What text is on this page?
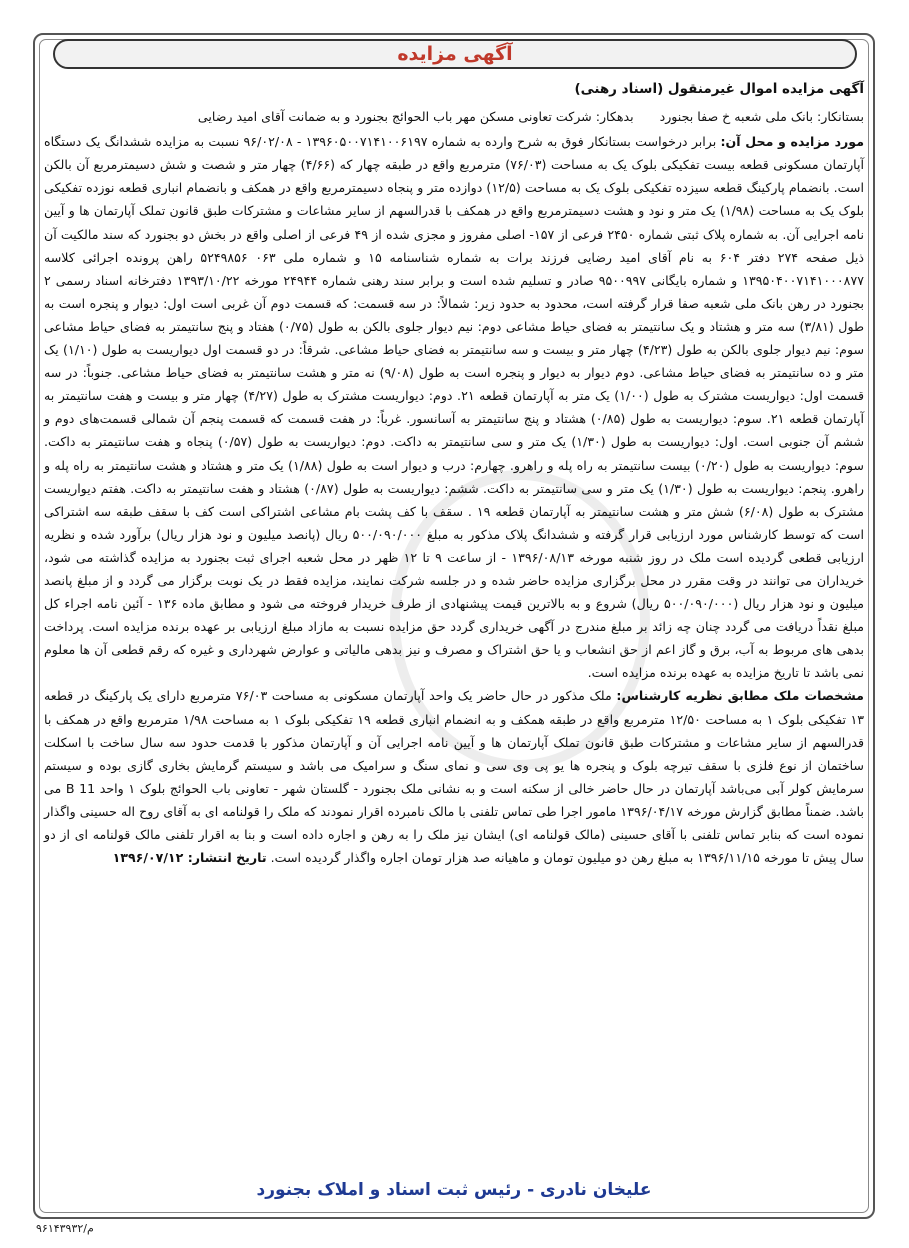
آگهی مزایده
آگهی مزایده اموال غیرمنقول (اسناد رهنی)
بستانکار: بانک ملی شعبه خ صفا بجنورد
بدهکار: شرکت تعاونی مسکن مهر باب الحوائج بجنورد و به ضمانت آقای امید رضایی

مورد مزایده و محل آن: برابر درخواست بستانکار فوق به شرح وارده به شماره ۱۳۹۶۰۵۰۰۷۱۴۱۰۰۶۱۹۷ - ۹۶/۰۲/۰۸ نسبت به مزایده ششدانگ یک دستگاه آپارتمان مسکونی قطعه بیست تفکیکی بلوک یک به مساحت (۷۶/۰۳) مترمربع واقع در طبقه چهار که (۴/۶۶) چهار متر و شصت و شش دسیمترمربع آن بالکن است. بانضمام پارکینگ قطعه سیزده تفکیکی بلوک یک به مساحت (۱۲/۵) دوازده متر و پنجاه دسیمترمربع واقع در همکف و بانضمام انباری قطعه نوزده تفکیکی بلوک یک به مساحت (۱/۹۸) یک متر و نود و هشت دسیمترمربع واقع در همکف با قدرالسهم از سایر مشاعات و مشترکات طبق قانون تملک آپارتمان ها و آیین نامه اجرایی آن. به شماره پلاک ثبتی شماره ۲۴۵۰ فرعی از ۱۵۷- اصلی مفروز و مجزی شده از ۴۹ فرعی از اصلی واقع در بخش دو بجنورد که سند مالکیت آن ذیل صفحه ۲۷۴ دفتر ۶۰۴ به نام آقای امید رضایی فرزند برات به شماره شناسنامه ۱۵ و شماره ملی ۰۶۳ ۵۲۴۹۸۵۶ راهن پرونده اجرائی کلاسه ۱۳۹۵۰۴۰۰۷۱۴۱۰۰۰۸۷۷ و شماره بایگانی ۹۵۰۰۹۹۷ صادر و تسلیم شده است و برابر سند رهنی شماره ۲۴۹۴۴ مورخه ۱۳۹۳/۱۰/۲۲ دفترخانه اسناد رسمی ۲ بجنورد در رهن بانک ملی شعبه صفا قرار گرفته است، محدود به حدود زیر: شمالاً: در سه قسمت: که قسمت دوم آن غربی است اول: دیوار و پنجره است به طول (۳/۸۱) سه متر و هشتاد و یک سانتیمتر به فضای حیاط مشاعی دوم: نیم دیوار جلوی بالکن به طول (۰/۷۵) هفتاد و پنج سانتیمتر به فضای حیاط مشاعی سوم: نیم دیوار جلوی بالکن به طول (۴/۲۳) چهار متر و بیست و سه سانتیمتر به فضای حیاط مشاعی. شرقاً: در دو قسمت اول دیواریست به طول (۱/۱۰) یک متر و ده سانتیمتر به فضای حیاط مشاعی. دوم دیوار به دیوار و پنجره است به طول (۹/۰۸) نه متر و هشت سانتیمتر به فضای حیاط مشاعی. جنوباً: در سه قسمت اول: دیواریست مشترک به طول (۱/۰۰) یک متر به آپارتمان قطعه ۲۱. دوم: دیواریست مشترک به طول (۴/۲۷) چهار متر و بیست و هفت سانتیمتر به آپارتمان قطعه ۲۱. سوم: دیواریست به طول (۰/۸۵) هشتاد و پنج سانتیمتر به آسانسور. غرباً: در هفت قسمت که قسمت پنجم آن شمالی قسمت‌های دوم و ششم آن جنوبی است. اول: دیواریست به طول (۱/۳۰) یک متر و سی سانتیمتر به داکت. دوم: دیواریست به طول (۰/۵۷) پنجاه و هفت سانتیمتر به داکت. سوم: دیواریست به طول (۰/۲۰) بیست سانتیمتر به راه پله و راهرو. چهارم: درب و دیوار است به طول (۱/۸۸) یک متر و هشتاد و هشت سانتیمتر به راه پله و راهرو. پنجم: دیواریست به طول (۱/۳۰) یک متر و سی سانتیمتر به داکت. ششم: دیواریست به طول (۰/۸۷) هشتاد و هفت سانتیمتر به داکت. هفتم دیواریست مشترک به طول (۶/۰۸) شش متر و هشت سانتیمتر به آپارتمان قطعه ۱۹ . سقف با کف پشت بام مشاعی اشتراکی است کف با سقف طبقه سه اشتراکی است که توسط کارشناس مورد ارزیابی قرار گرفته و ششدانگ پلاک مذکور به مبلغ ۵۰۰/۰۹۰/۰۰۰ ریال (پانصد میلیون و نود هزار ریال) برآورد شده و نظریه ارزیابی قطعی گردیده است ملک در روز شنبه مورخه ۱۳۹۶/۰۸/۱۳ - از ساعت ۹ تا ۱۲ ظهر در محل شعبه اجرای ثبت بجنورد به مزایده گذاشته می شود، خریداران می توانند در وقت مقرر در محل برگزاری مزایده حاضر شده و در جلسه شرکت نمایند، مزایده فقط در یک نوبت برگزار می گردد و از مبلغ پانصد میلیون و نود هزار ریال (۵۰۰/۰۹۰/۰۰۰ ریال) شروع و به بالاترین قیمت پیشنهادی از طرف خریدار فروخته می شود و مطابق ماده ۱۳۶ - آئین نامه اجراء کل مبلغ نقداً دریافت می گردد چنان چه زائد بر مبلغ مندرج در آگهی خریداری گردد حق مزایده نسبت به مازاد مبلغ ارزیابی بر عهده برنده مزایده است. پرداخت بدهی های مربوط به آب، برق و گاز اعم از حق انشعاب و یا حق اشتراک و مصرف و نیز بدهی مالیاتی و عوارض شهرداری و غیره که رقم قطعی آن ها معلوم نمی باشد تا تاریخ مزایده به عهده برنده مزایده است.

مشخصات ملک مطابق نظریه کارشناس: ملک مذکور در حال حاضر یک واحد آپارتمان مسکونی به مساحت ۷۶/۰۳ مترمربع دارای یک پارکینگ در قطعه ۱۳ تفکیکی بلوک ۱ به مساحت ۱۲/۵۰ مترمربع واقع در طبقه همکف و به انضمام انباری قطعه ۱۹ تفکیکی بلوک ۱ به مساحت ۱/۹۸ مترمربع واقع در همکف با قدرالسهم از سایر مشاعات و مشترکات طبق قانون تملک آپارتمان ها و آیین نامه اجرایی آن و آپارتمان مذکور با قدمت حدود سه سال ساخت با اسکلت ساختمان از نوع فلزی با سقف تیرچه بلوک و پنجره ها یو پی وی سی و نمای سنگ و سرامیک می باشد و سیستم گرمایش بخاری گازی بوده و سیستم سرمایش کولر آبی می‌باشد آپارتمان در حال حاضر خالی از سکنه است و به نشانی ملک بجنورد - گلستان شهر - تعاونی باب الحوائج بلوک ۱ واحد B 11 می باشد. ضمناً مطابق گزارش مورخه ۱۳۹۶/۰۴/۱۷ مامور اجرا طی تماس تلفنی با مالک نامبرده اقرار نمودند که ملک را قولنامه ای به آقای روح اله حسینی واگذار نموده است که بنابر تماس تلفنی با آقای حسینی (مالک قولنامه ای) ایشان نیز ملک را به رهن و اجاره داده است و بنا به اقرار تلفنی مالک قولنامه ای از دو سال پیش تا مورخه ۱۳۹۶/۱۱/۱۵ به مبلغ رهن دو میلیون تومان و ماهیانه صد هزار تومان اجاره واگذار گردیده است. تاریخ انتشار: ۱۳۹۶/۰۷/۱۲

علیخان نادری - رئیس ثبت اسناد و املاک بجنورد
۹۶۱۴۳۹۳۲/م
